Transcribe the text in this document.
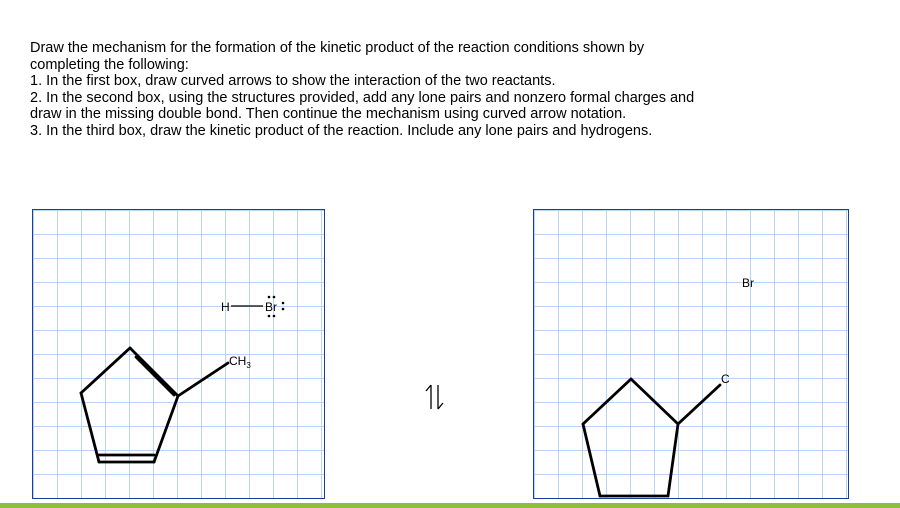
Draw the mechanism for the formation of the kinetic product of the reaction conditions shown by

completing the following:

1. In the first box, draw curved arrows to show the interaction of the two reactants.

2. In the second box, using the structures provided, add any lone pairs and nonzero formal charges and

draw in the missing double bond. Then continue the mechanism using curved arrow notation.

3. In the third box, draw the kinetic product of the reaction. Include any lone pairs and hydrogens.

$CH_3$
H	Br
C
Br
